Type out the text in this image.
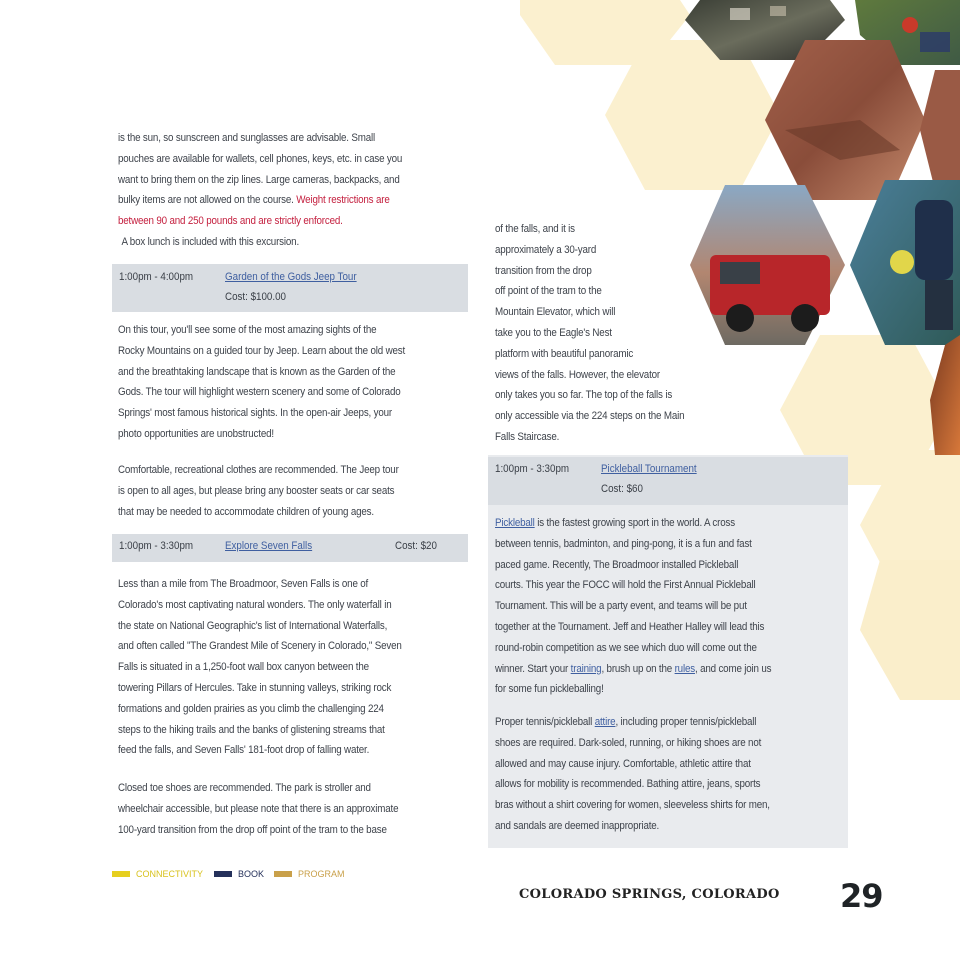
is the sun, so sunscreen and sunglasses are advisable. Small
pouches are available for wallets, cell phones, keys, etc. in case you
want to bring them on the zip lines. Large cameras, backpacks, and
bulky items are not allowed on the course. Weight restrictions are
between 90 and 250 pounds and are strictly enforced.
A box lunch is included with this excursion.
1:00pm - 4:00pm	Garden of the Gods Jeep Tour
Cost: $100.00
On this tour, you'll see some of the most amazing sights of the
Rocky Mountains on a guided tour by Jeep. Learn about the old west
and the breathtaking landscape that is known as the Garden of the
Gods. The tour will highlight western scenery and some of Colorado
Springs' most famous historical sights. In the open-air Jeeps, your
photo opportunities are unobstructed!
Comfortable, recreational clothes are recommended. The Jeep tour
is open to all ages, but please bring any booster seats or car seats
that may be needed to accommodate children of young ages.
1:00pm - 3:30pm	Explore Seven Falls	Cost: $20
Less than a mile from The Broadmoor, Seven Falls is one of
Colorado's most captivating natural wonders. The only waterfall in
the state on National Geographic's list of International Waterfalls,
and often called "The Grandest Mile of Scenery in Colorado," Seven
Falls is situated in a 1,250-foot wall box canyon between the
towering Pillars of Hercules. Take in stunning valleys, striking rock
formations and golden prairies as you climb the challenging 224
steps to the hiking trails and the banks of glistening streams that
feed the falls, and Seven Falls' 181-foot drop of falling water.
Closed toe shoes are recommended. The park is stroller and
wheelchair accessible, but please note that there is an approximate
100-yard transition from the drop off point of the tram to the base
of the falls, and it is
approximately a 30-yard
transition from the drop
off point of the tram to the
Mountain Elevator, which will
take you to the Eagle's Nest
platform with beautiful panoramic
views of the falls. However, the elevator
only takes you so far. The top of the falls is
only accessible via the 224 steps on the Main
Falls Staircase.
1:00pm - 3:30pm	Pickleball Tournament
Cost: $60
Pickleball is the fastest growing sport in the world. A cross
between tennis, badminton, and ping-pong, it is a fun and fast
paced game. Recently, The Broadmoor installed Pickleball
courts. This year the FOCC will hold the First Annual Pickleball
Tournament. This will be a party event, and teams will be put
together at the Tournament. Jeff and Heather Halley will lead this
round-robin competition as we see which duo will come out the
winner. Start your training, brush up on the rules, and come join us
for some fun pickleballing!
Proper tennis/pickleball attire, including proper tennis/pickleball
shoes are required. Dark-soled, running, or hiking shoes are not
allowed and may cause injury. Comfortable, athletic attire that
allows for mobility is recommended. Bathing attire, jeans, sports
bras without a shirt covering for women, sleeveless shirts for men,
and sandals are deemed inappropriate.
CONNECTIVITY	BOOK	PROGRAM
COLORADO SPRINGS, COLORADO 29
